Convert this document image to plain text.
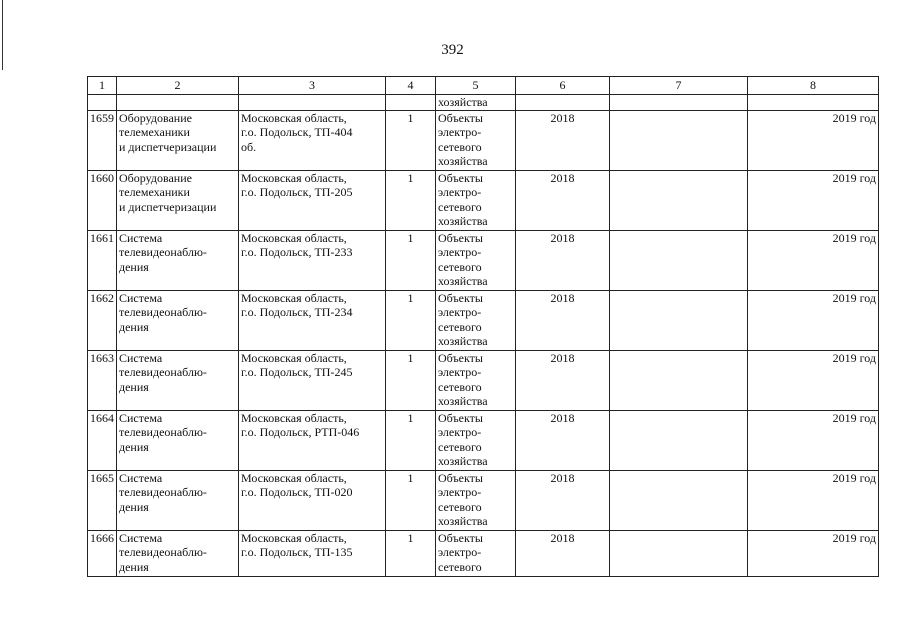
392
1	2	3	4	5	6	7	8
				хозяйства			
1659	Оборудование
телемеханики
и диспетчеризации	Московская область,
г.о. Подольск, ТП-404
об.	1	Объекты
электро-
сетевого
хозяйства	2018		2019 год
1660	Оборудование
телемеханики
и диспетчеризации	Московская область,
г.о. Подольск, ТП-205	1	Объекты
электро-
сетевого
хозяйства	2018		2019 год
1661	Система
телевидеонаблю-
дения	Московская область,
г.о. Подольск, ТП-233	1	Объекты
электро-
сетевого
хозяйства	2018		2019 год
1662	Система
телевидеонаблю-
дения	Московская область,
г.о. Подольск, ТП-234	1	Объекты
электро-
сетевого
хозяйства	2018		2019 год
1663	Система
телевидеонаблю-
дения	Московская область,
г.о. Подольск, ТП-245	1	Объекты
электро-
сетевого
хозяйства	2018		2019 год
1664	Система
телевидеонаблю-
дения	Московская область,
г.о. Подольск, РТП-046	1	Объекты
электро-
сетевого
хозяйства	2018		2019 год
1665	Система
телевидеонаблю-
дения	Московская область,
г.о. Подольск, ТП-020	1	Объекты
электро-
сетевого
хозяйства	2018		2019 год
1666	Система
телевидеонаблю-
дения	Московская область,
г.о. Подольск, ТП-135	1	Объекты
электро-
сетевого	2018		2019 год
